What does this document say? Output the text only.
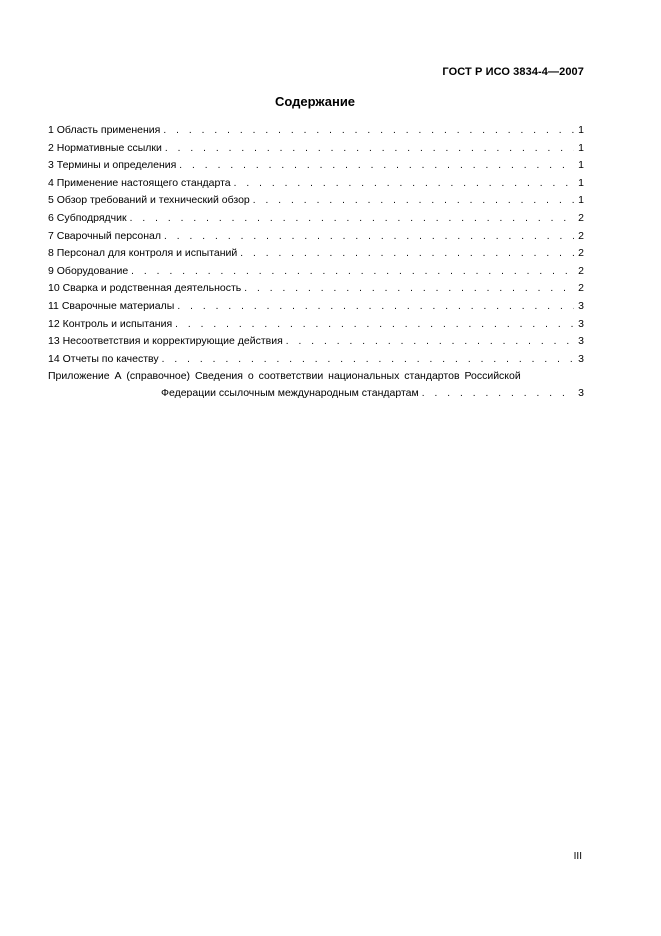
ГОСТ Р ИСО 3834-4—2007
Содержание
1 Область применения . . .	1
2 Нормативные ссылки . . .	1
3 Термины и определения . . .	1
4 Применение настоящего стандарта . . .	1
5 Обзор требований и технический обзор . . .	1
6 Субподрядчик . . .	2
7 Сварочный персонал . . .	2
8 Персонал для контроля и испытаний . . .	2
9 Оборудование . . .	2
10 Сварка и родственная деятельность . . .	2
11 Сварочные материалы . . .	3
12 Контроль и испытания . . .	3
13 Несоответствия и корректирующие действия . . .	3
14 Отчеты по качеству . . .	3
Приложение А (справочное) Сведения о соответствии национальных стандартов Российской
Федерации ссылочным международным стандартам . . .	3
III
